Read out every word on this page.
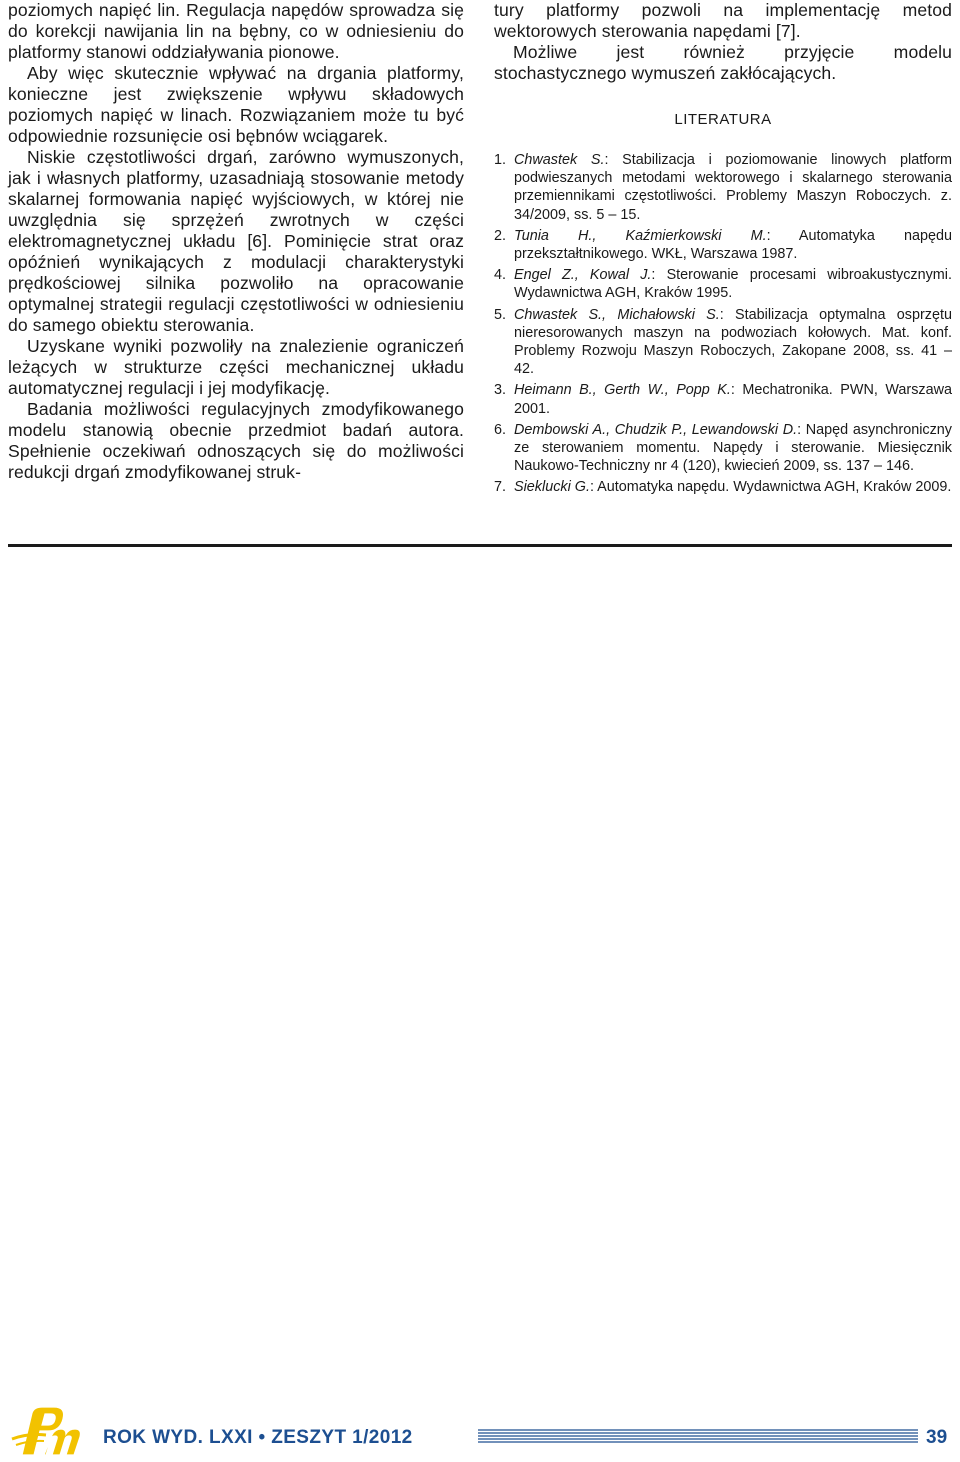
poziomych napięć lin. Regulacja napędów sprowadza się do korekcji nawijania lin na bębny, co w odniesieniu do platformy stanowi oddziaływania pionowe.

Aby więc skutecznie wpływać na drgania platformy, konieczne jest zwiększenie wpływu składowych poziomych napięć w linach. Rozwiązaniem może tu być odpowiednie rozsunięcie osi bębnów wciągarek.

Niskie częstotliwości drgań, zarówno wymuszonych, jak i własnych platformy, uzasadniają stosowanie metody skalarnej formowania napięć wyjściowych, w której nie uwzględnia się sprzężeń zwrotnych w części elektromagnetycznej układu [6]. Pominięcie strat oraz opóźnień wynikających z modulacji charakterystyki prędkościowej silnika pozwoliło na opracowanie optymalnej strategii regulacji częstotliwości w odniesieniu do samego obiektu sterowania.

Uzyskane wyniki pozwoliły na znalezienie ograniczeń leżących w strukturze części mechanicznej układu automatycznej regulacji i jej modyfikację.

Badania możliwości regulacyjnych zmodyfikowanego modelu stanowią obecnie przedmiot badań autora. Spełnienie oczekiwań odnoszących się do możliwości redukcji drgań zmodyfikowanej struk-

tury platformy pozwoli na implementację metod wektorowych sterowania napędami [7].

Możliwe jest również przyjęcie modelu stochastycznego wymuszeń zakłócających.

LITERATURA
1. Chwastek S.: Stabilizacja i poziomowanie linowych platform podwieszanych metodami wektorowego i skalarnego sterowania przemiennikami częstotliwości. Problemy Maszyn Roboczych. z. 34/2009, ss. 5 – 15.
2. Tunia H., Kaźmierkowski M.: Automatyka napędu przekształtnikowego. WKŁ, Warszawa 1987.
4. Engel Z., Kowal J.: Sterowanie procesami wibroakustycznymi. Wydawnictwa AGH, Kraków 1995.
5. Chwastek S., Michałowski S.: Stabilizacja optymalna osprzętu nieresorowanych maszyn na podwoziach kołowych. Mat. konf. Problemy Rozwoju Maszyn Roboczych, Zakopane 2008, ss. 41 – 42.
3. Heimann B., Gerth W., Popp K.: Mechatronika. PWN, Warszawa 2001.
6. Dembowski A., Chudzik P., Lewandowski D.: Napęd asynchroniczny ze sterowaniem momentu. Napędy i sterowanie. Miesięcznik Naukowo-Techniczny nr 4 (120), kwiecień 2009, ss. 137 – 146.
7. Sieklucki G.: Automatyka napędu. Wydawnictwa AGH, Kraków 2009.
ROK WYD. LXXI • ZESZYT 1/2012	39
